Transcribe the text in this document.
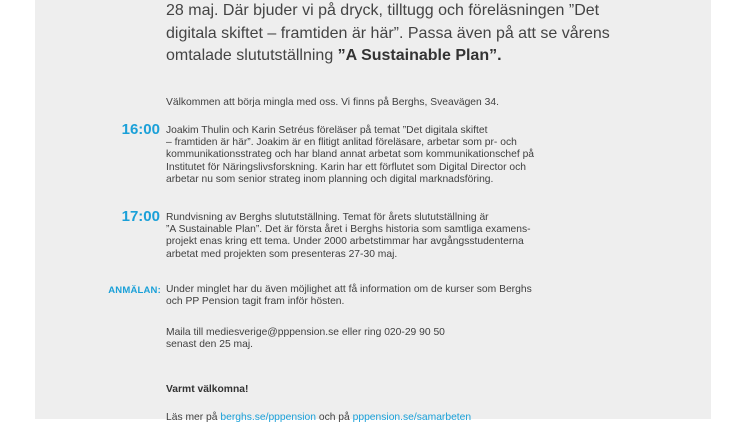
28 maj. Där bjuder vi på dryck, tilltugg och föreläsningen ”Det

digitala skiftet – framtiden är här”. Passa även på att se vårens

omtalade slututställning ”A Sustainable Plan”.

Välkommen att börja mingla med oss. Vi finns på Berghs, Sveavägen 34.
16:00 Joakim Thulin och Karin Setréus föreläser på temat ”Det digitala skiftet
– framtiden är här”. Joakim är en flitigt anlitad föreläsare, arbetar som pr- och
kommunikationsstrateg och har bland annat arbetat som kommunikationschef på
Institutet för Näringslivsforskning. Karin har ett förflutet som Digital Director och
arbetar nu som senior strateg inom planning och digital marknadsföring.
17:00 Rundvisning av Berghs slututställning. Temat för årets slututställning är
”A Sustainable Plan”. Det är första året i Berghs historia som samtliga examens-
projekt enas kring ett tema. Under 2000 arbetstimmar har avgångsstudenterna
arbetat med projekten som presenteras 27-30 maj.
ANMÄLAN: Under minglet har du även möjlighet att få information om de kurser som Berghs
och PP Pension tagit fram inför hösten.
Maila till mediesverige@pppension.se eller ring 020-29 90 50
senast den 25 maj.
Varmt välkomna!
Läs mer på berghs.se/pppension och på pppension.se/samarbeten
